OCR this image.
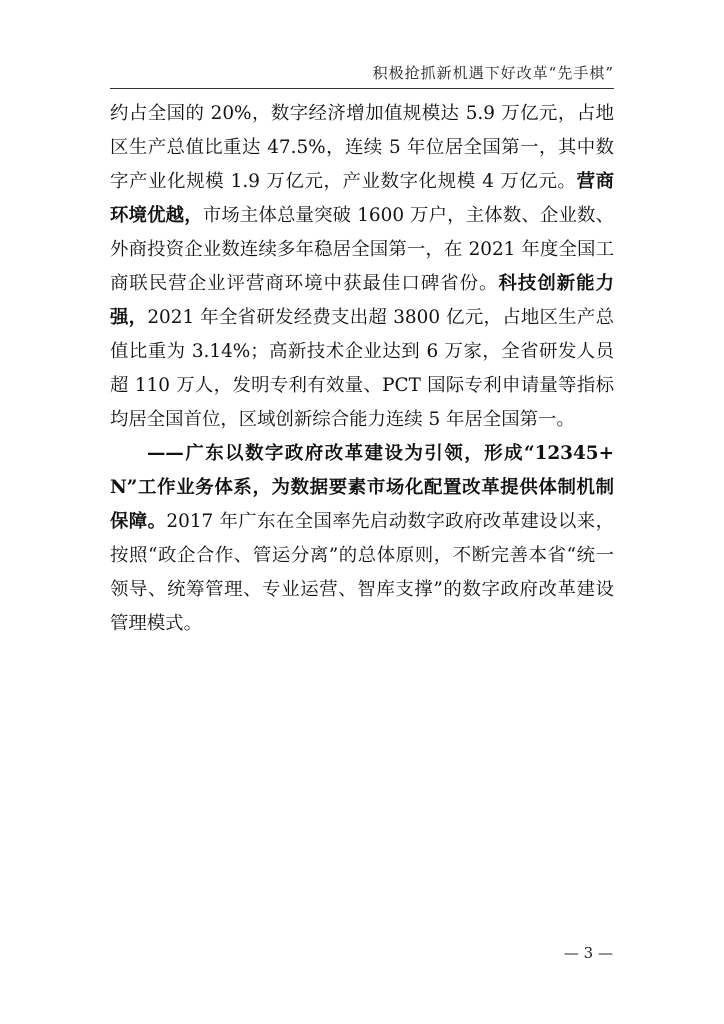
积极抢抓新机遇下好改革“先手棋”

约占全国的 20%，数字经济增加值规模达 5.9 万亿元，占地区生产总值比重达 47.5%，连续 5 年位居全国第一，其中数字产业化规模 1.9 万亿元，产业数字化规模 4 万亿元。营商环境优越，市场主体总量突破 1600 万户，主体数、企业数、外商投资企业数连续多年稳居全国第一，在 2021 年度全国工商联民营企业评营商环境中获最佳口碑省份。科技创新能力强，2021 年全省研发经费支出超 3800 亿元，占地区生产总值比重为 3.14%；高新技术企业达到 6 万家，全省研发人员超 110 万人，发明专利有效量、PCT 国际专利申请量等指标均居全国首位，区域创新综合能力连续 5 年居全国第一。

——广东以数字政府改革建设为引领，形成“12345+N”工作业务体系，为数据要素市场化配置改革提供体制机制保障。2017 年广东在全国率先启动数字政府改革建设以来，按照“政企合作、管运分离”的总体原则，不断完善本省“统一领导、统筹管理、专业运营、智库支撑”的数字政府改革建设管理模式。

— 3 —
